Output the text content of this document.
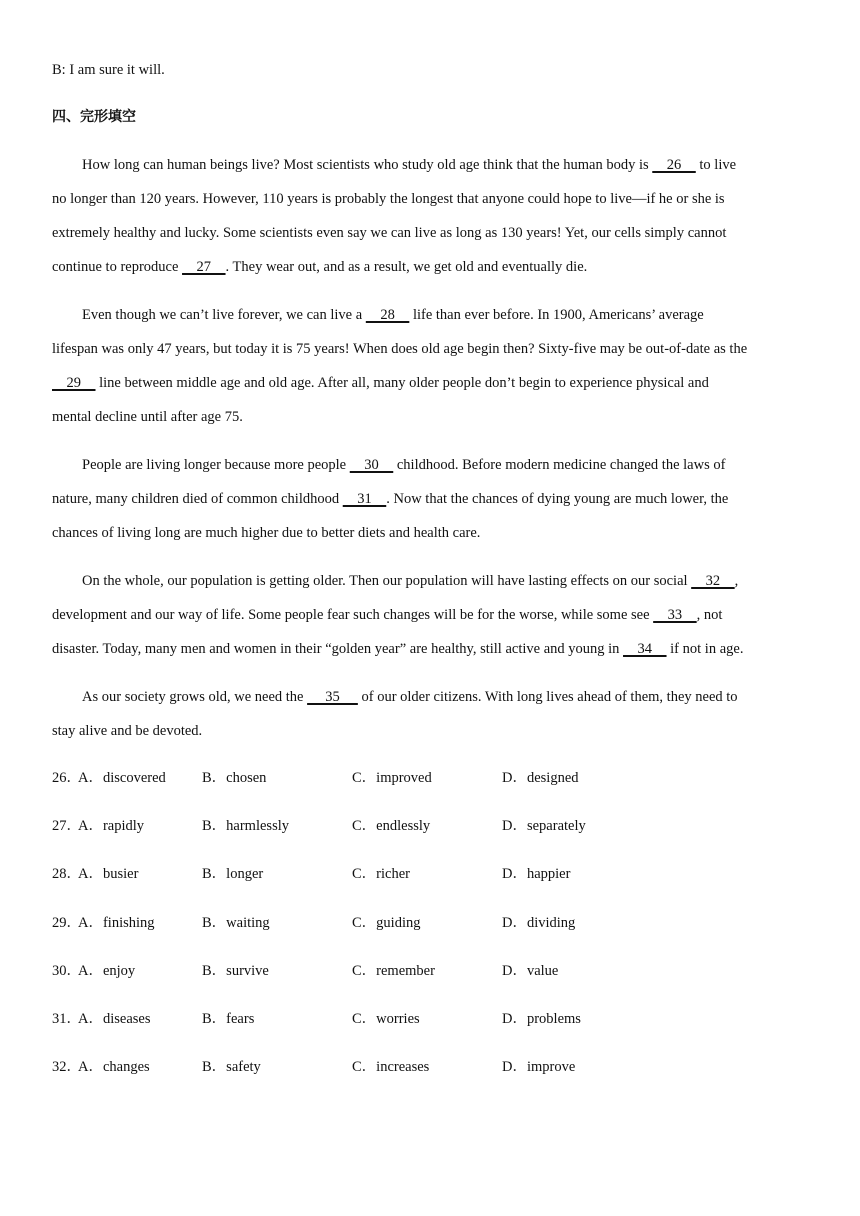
B: I am sure it will.
四、完形填空
How long can human beings live? Most scientists who study old age think that the human body is     26     to live
no longer than 120 years. However, 110 years is probably the longest that anyone could hope to live—if he or she is
extremely healthy and lucky. Some scientists even say we can live as long as 130 years! Yet, our cells simply cannot
continue to reproduce     27    . They wear out, and as a result, we get old and eventually die.
Even though we can’t live forever, we can live a     28     life than ever before. In 1900, Americans’ average
lifespan was only 47 years, but today it is 75 years! When does old age begin then? Sixty-five may be out-of-date as the
29     line between middle age and old age. After all, many older people don’t begin to experience physical and
mental decline until after age 75.
People are living longer because more people     30     childhood. Before modern medicine changed the laws of
nature, many children died of common childhood     31    . Now that the chances of dying young are much lower, the
chances of living long are much higher due to better diets and health care.
On the whole, our population is getting older. Then our population will have lasting effects on our social     32    ,
development and our way of life. Some people fear such changes will be for the worse, while some see     33    , not
disaster. Today, many men and women in their “golden year” are healthy, still active and young in     34     if not in age.
As our society grows old, we need the      35      of our older citizens. With long lives ahead of them, they need to
stay alive and be devoted.
26．
A．discovered B．chosen	C．improved	D．designed
27．
A．rapidly	B．harmlessly	C．endlessly	D．separately
28．
A．busier	B．longer	C．richer	D．happier
29．
A．finishing	B．waiting	C．guiding	D．dividing
30．
A．enjoy	B．survive	C．remember	D．value
31．
A．diseases	B．fears	C．worries	D．problems
32．
A．changes	B．safety	C．increases	D．improve
